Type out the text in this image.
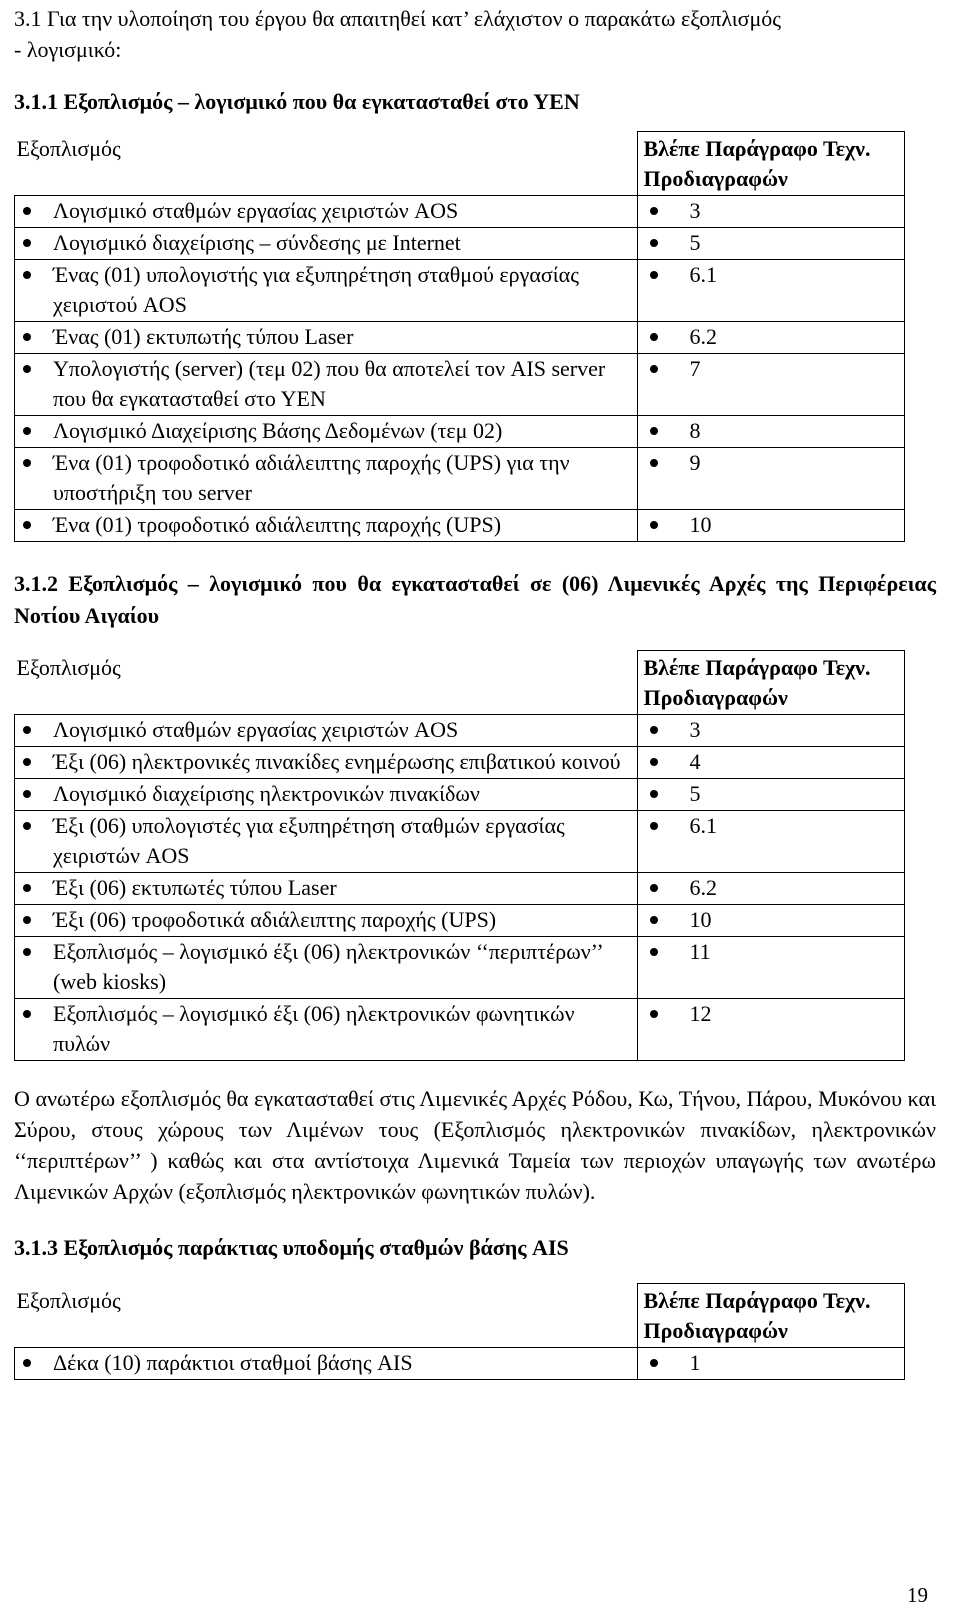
3.1 Για την υλοποίηση του έργου θα απαιτηθεί κατ’ ελάχιστον ο παρακάτω εξοπλισμός
- λογισμικό:
3.1.1 Εξοπλισμός – λογισμικό που θα εγκατασταθεί στο ΥΕΝ
Εξοπλισμός	Βλέπε Παράγραφο Τεχν. Προδιαγραφών

Λογισμικό σταθμών εργασίας χειριστών AOS	3

Λογισμικό διαχείρισης – σύνδεσης με Internet	5

Ένας (01) υπολογιστής για εξυπηρέτηση σταθμού εργασίας χειριστού AOS	6.1

Ένας (01) εκτυπωτής τύπου Laser	6.2

Υπολογιστής (server) (τεμ 02) που θα αποτελεί τον AIS server που θα εγκατασταθεί στο ΥΕΝ	7

Λογισμικό Διαχείρισης Βάσης Δεδομένων (τεμ 02)	8

Ένα (01) τροφοδοτικό αδιάλειπτης παροχής (UPS) για την υποστήριξη του server	9

Ένα (01) τροφοδοτικό αδιάλειπτης παροχής (UPS)	10
3.1.2 Εξοπλισμός – λογισμικό που θα εγκατασταθεί σε (06) Λιμενικές Αρχές της Περιφέρειας Νοτίου Αιγαίου
Εξοπλισμός	Βλέπε Παράγραφο Τεχν. Προδιαγραφών

Λογισμικό σταθμών εργασίας χειριστών AOS	3

Έξι (06) ηλεκτρονικές πινακίδες ενημέρωσης επιβατικού κοινού	4

Λογισμικό διαχείρισης ηλεκτρονικών πινακίδων	5

Έξι (06) υπολογιστές για εξυπηρέτηση σταθμών εργασίας χειριστών AOS	6.1

Έξι (06) εκτυπωτές τύπου Laser	6.2

Έξι (06) τροφοδοτικά αδιάλειπτης παροχής (UPS)	10

Εξοπλισμός – λογισμικό έξι (06) ηλεκτρονικών ‘‘περιπτέρων’’ (web kiosks)	11

Εξοπλισμός – λογισμικό έξι (06) ηλεκτρονικών φωνητικών πυλών	12
Ο ανωτέρω εξοπλισμός θα εγκατασταθεί στις Λιμενικές Αρχές Ρόδου, Κω, Τήνου, Πάρου, Μυκόνου και Σύρου, στους χώρους των Λιμένων τους (Εξοπλισμός ηλεκτρονικών πινακίδων, ηλεκτρονικών ‘‘περιπτέρων’’ ) καθώς και στα αντίστοιχα Λιμενικά Ταμεία των περιοχών υπαγωγής των ανωτέρω Λιμενικών Αρχών (εξοπλισμός ηλεκτρονικών φωνητικών πυλών).
3.1.3 Εξοπλισμός παράκτιας υποδομής σταθμών βάσης AIS
Εξοπλισμός	Βλέπε Παράγραφο Τεχν. Προδιαγραφών

Δέκα (10) παράκτιοι σταθμοί βάσης AIS	1
19
